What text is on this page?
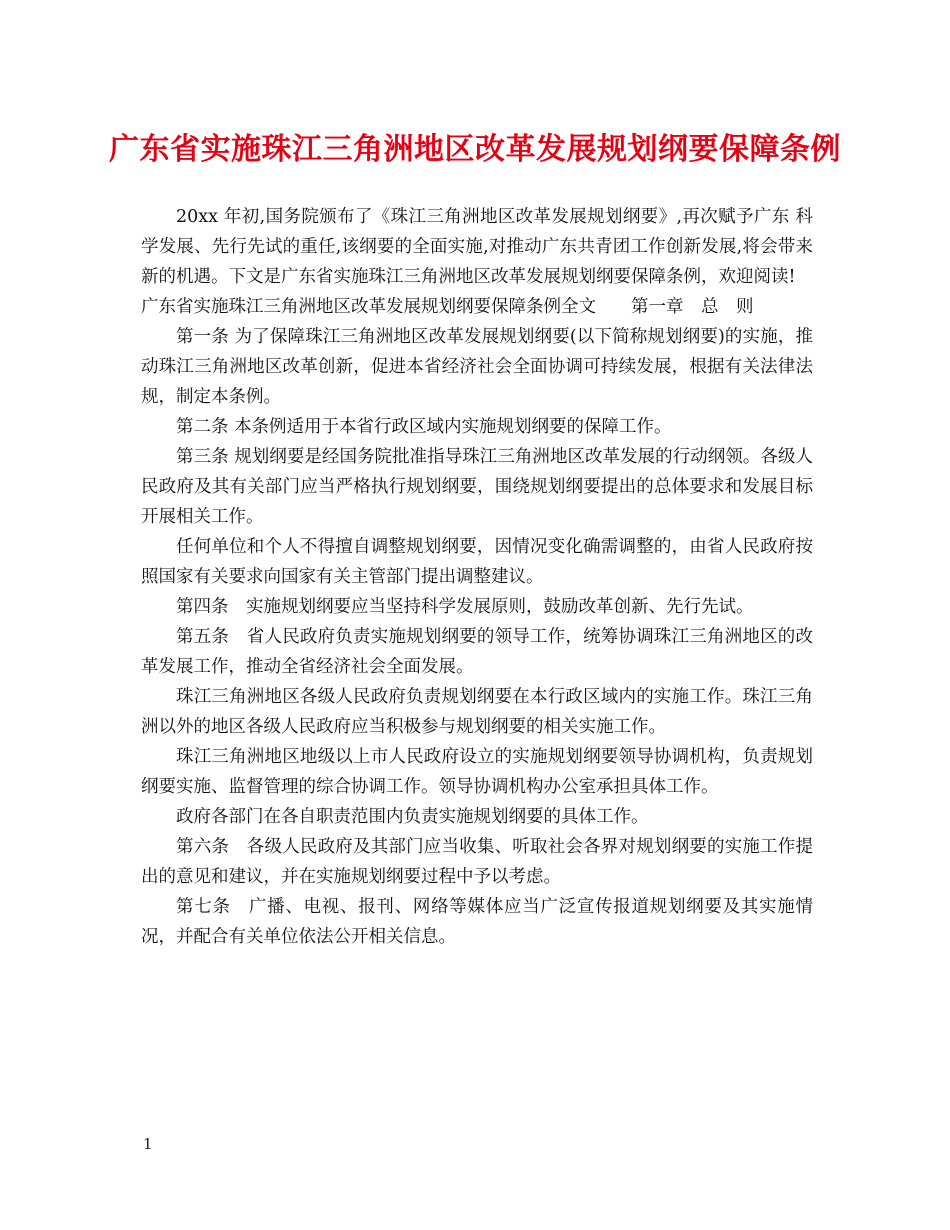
广东省实施珠江三角洲地区改革发展规划纲要保障条例

20xx 年初,国务院颁布了《珠江三角洲地区改革发展规划纲要》,再次赋予广东 科学发展、先行先试的重任,该纲要的全面实施,对推动广东共青团工作创新发展,将会带来新的机遇。下文是广东省实施珠江三角洲地区改革发展规划纲要保障条例，欢迎阅读!

广东省实施珠江三角洲地区改革发展规划纲要保障条例全文　　第一章　总　则

第一条 为了保障珠江三角洲地区改革发展规划纲要(以下简称规划纲要)的实施，推动珠江三角洲地区改革创新，促进本省经济社会全面协调可持续发展，根据有关法律法规，制定本条例。

第二条 本条例适用于本省行政区域内实施规划纲要的保障工作。

第三条 规划纲要是经国务院批准指导珠江三角洲地区改革发展的行动纲领。各级人民政府及其有关部门应当严格执行规划纲要，围绕规划纲要提出的总体要求和发展目标开展相关工作。

任何单位和个人不得擅自调整规划纲要，因情况变化确需调整的，由省人民政府按照国家有关要求向国家有关主管部门提出调整建议。

第四条　实施规划纲要应当坚持科学发展原则，鼓励改革创新、先行先试。

第五条　省人民政府负责实施规划纲要的领导工作，统筹协调珠江三角洲地区的改革发展工作，推动全省经济社会全面发展。

珠江三角洲地区各级人民政府负责规划纲要在本行政区域内的实施工作。珠江三角洲以外的地区各级人民政府应当积极参与规划纲要的相关实施工作。

珠江三角洲地区地级以上市人民政府设立的实施规划纲要领导协调机构，负责规划纲要实施、监督管理的综合协调工作。领导协调机构办公室承担具体工作。

政府各部门在各自职责范围内负责实施规划纲要的具体工作。

第六条　各级人民政府及其部门应当收集、听取社会各界对规划纲要的实施工作提出的意见和建议，并在实施规划纲要过程中予以考虑。

第七条　广播、电视、报刊、网络等媒体应当广泛宣传报道规划纲要及其实施情况，并配合有关单位依法公开相关信息。

1
